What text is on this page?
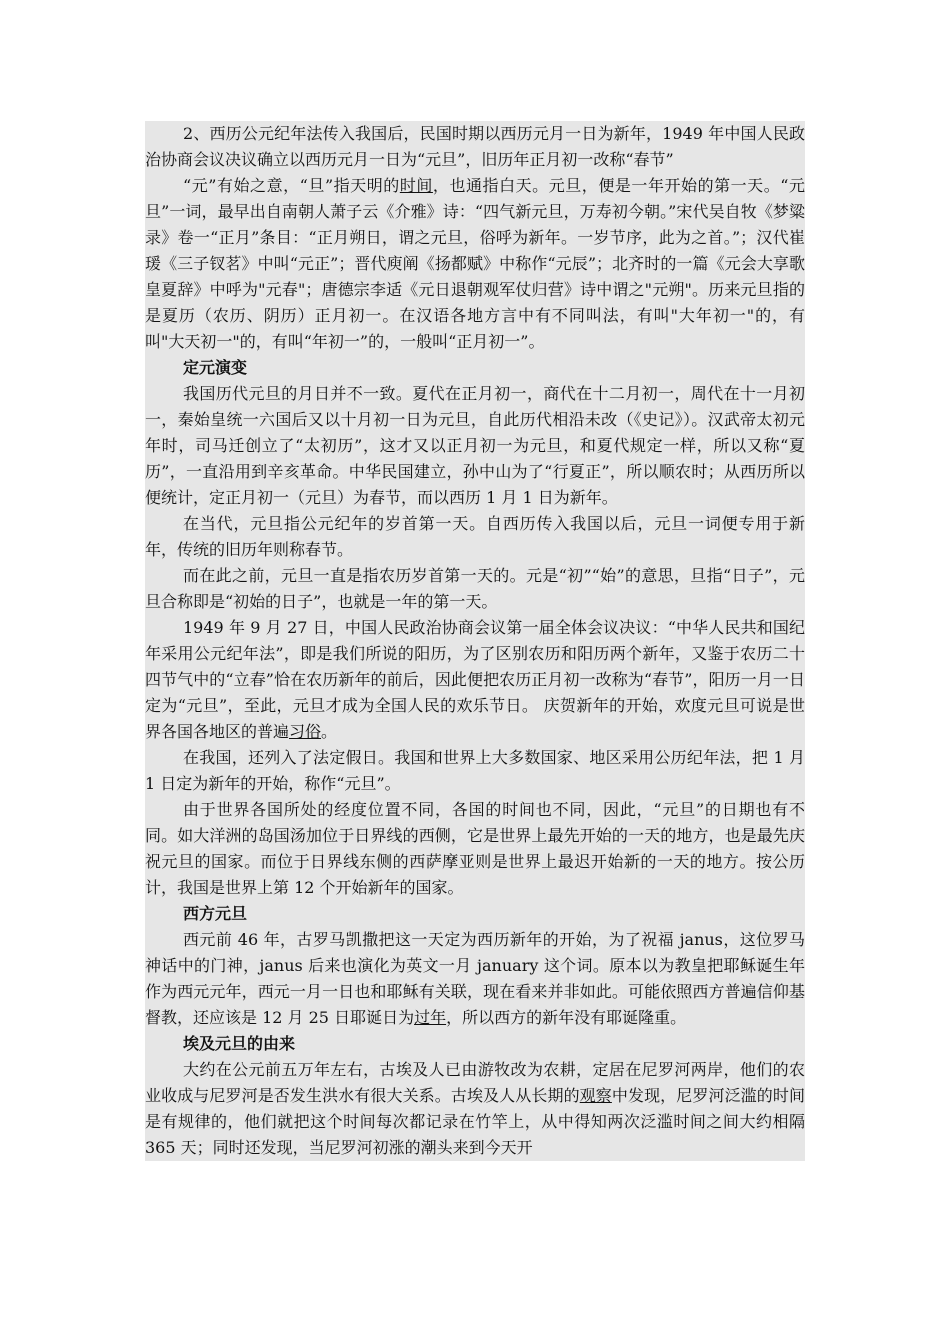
2、西历公元纪年法传入我国后，民国时期以西历元月一日为新年，1949 年中国人民政治协商会议决议确立以西历元月一日为“元旦”，旧历年正月初一改称“春节”

“元”有始之意，“旦”指天明的时间，也通指白天。元旦，便是一年开始的第一天。“元旦”一词，最早出自南朝人萧子云《介雅》诗：“四气新元旦，万寿初今朝。”宋代吴自牧《梦粱录》卷一“正月”条目：“正月朔日，谓之元旦，俗呼为新年。一岁节序，此为之首。”；汉代崔瑗《三子钗茗》中叫“元正”；晋代庾阐《扬都赋》中称作“元辰”；北齐时的一篇《元会大享歌皇夏辞》中呼为"元春"；唐德宗李适《元日退朝观军仗归营》诗中谓之"元朔"。历来元旦指的是夏历（农历、阴历）正月初一。在汉语各地方言中有不同叫法，有叫"大年初一"的，有叫"大天初一"的，有叫“年初一”的，一般叫“正月初一”。

定元演变

我国历代元旦的月日并不一致。夏代在正月初一，商代在十二月初一，周代在十一月初一，秦始皇统一六国后又以十月初一日为元旦，自此历代相沿未改（《史记》）。汉武帝太初元年时，司马迁创立了“太初历”，这才又以正月初一为元旦，和夏代规定一样，所以又称“夏历”，一直沿用到辛亥革命。中华民国建立，孙中山为了“行夏正”，所以顺农时；从西历所以便统计，定正月初一（元旦）为春节，而以西历 1 月 1 日为新年。

在当代，元旦指公元纪年的岁首第一天。自西历传入我国以后，元旦一词便专用于新年，传统的旧历年则称春节。

而在此之前，元旦一直是指农历岁首第一天的。元是“初”“始”的意思，旦指“日子”，元旦合称即是“初始的日子”，也就是一年的第一天。

1949 年 9 月 27 日，中国人民政治协商会议第一届全体会议决议：“中华人民共和国纪年采用公元纪年法”，即是我们所说的阳历，为了区别农历和阳历两个新年，又鉴于农历二十四节气中的“立春”恰在农历新年的前后，因此便把农历正月初一改称为“春节”，阳历一月一日定为“元旦”，至此，元旦才成为全国人民的欢乐节日。 庆贺新年的开始，欢度元旦可说是世界各国各地区的普遍习俗。

在我国，还列入了法定假日。我国和世界上大多数国家、地区采用公历纪年法，把 1 月 1 日定为新年的开始，称作“元旦”。

由于世界各国所处的经度位置不同，各国的时间也不同，因此，“元旦”的日期也有不同。如大洋洲的岛国汤加位于日界线的西侧，它是世界上最先开始的一天的地方，也是最先庆祝元旦的国家。而位于日界线东侧的西萨摩亚则是世界上最迟开始新的一天的地方。按公历计，我国是世界上第 12 个开始新年的国家。

西方元旦

西元前 46 年，古罗马凯撒把这一天定为西历新年的开始，为了祝福 janus，这位罗马神话中的门神，janus 后来也演化为英文一月 january 这个词。原本以为教皇把耶稣诞生年作为西元元年，西元一月一日也和耶稣有关联，现在看来并非如此。可能依照西方普遍信仰基督教，还应该是 12 月 25 日耶诞日为过年，所以西方的新年没有耶诞隆重。

埃及元旦的由来

大约在公元前五万年左右，古埃及人已由游牧改为农耕，定居在尼罗河两岸，他们的农业收成与尼罗河是否发生洪水有很大关系。古埃及人从长期的观察中发现，尼罗河泛滥的时间是有规律的，他们就把这个时间每次都记录在竹竿上，从中得知两次泛滥时间之间大约相隔 365 天；同时还发现，当尼罗河初涨的潮头来到今天开
